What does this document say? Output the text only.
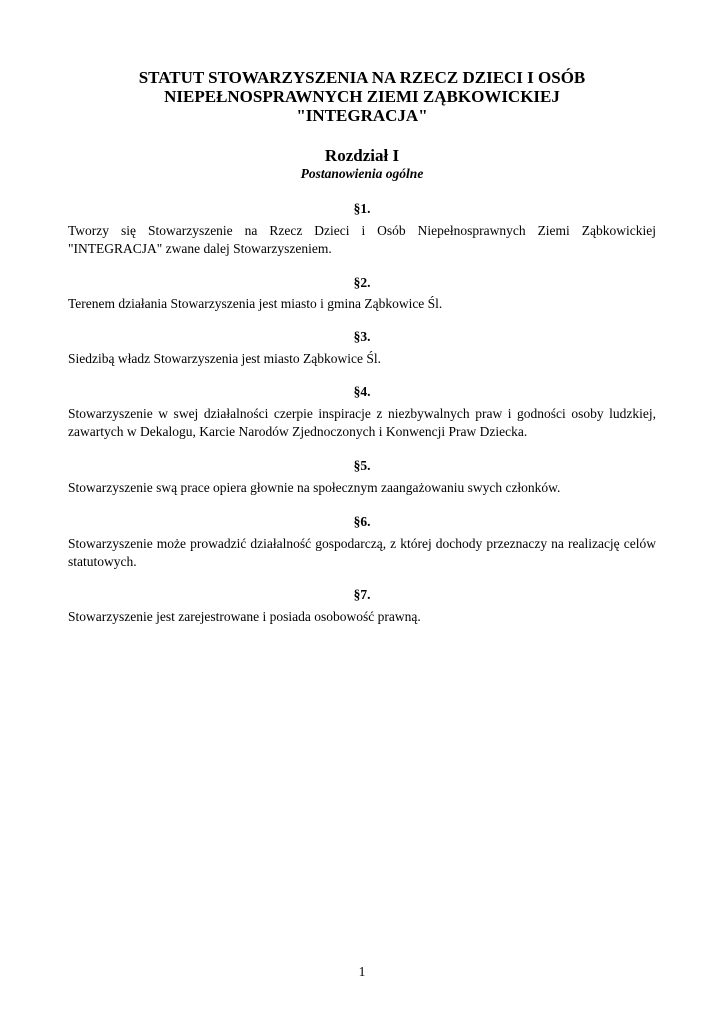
STATUT STOWARZYSZENIA NA RZECZ DZIECI I OSÓB
NIEPEŁNOSPRAWNYCH ZIEMI ZĄBKOWICKIEJ
"INTEGRACJA"
Rozdział I

Postanowienia ogólne

§1.

Tworzy się Stowarzyszenie na Rzecz Dzieci i Osób Niepełnosprawnych Ziemi Ząbkowickiej "INTEGRACJA" zwane dalej Stowarzyszeniem.

§2.

Terenem działania Stowarzyszenia jest miasto i gmina Ząbkowice Śl.

§3.

Siedzibą władz Stowarzyszenia jest miasto Ząbkowice Śl.

§4.

Stowarzyszenie w swej działalności czerpie inspiracje z niezbywalnych praw i godności osoby ludzkiej, zawartych w Dekalogu, Karcie Narodów Zjednoczonych i Konwencji Praw Dziecka.

§5.

Stowarzyszenie swą prace opiera głownie na społecznym zaangażowaniu swych członków.

§6.

Stowarzyszenie może prowadzić działalność gospodarczą, z której dochody przeznaczy na realizację celów statutowych.

§7.

Stowarzyszenie jest zarejestrowane i posiada osobowość prawną.

1
